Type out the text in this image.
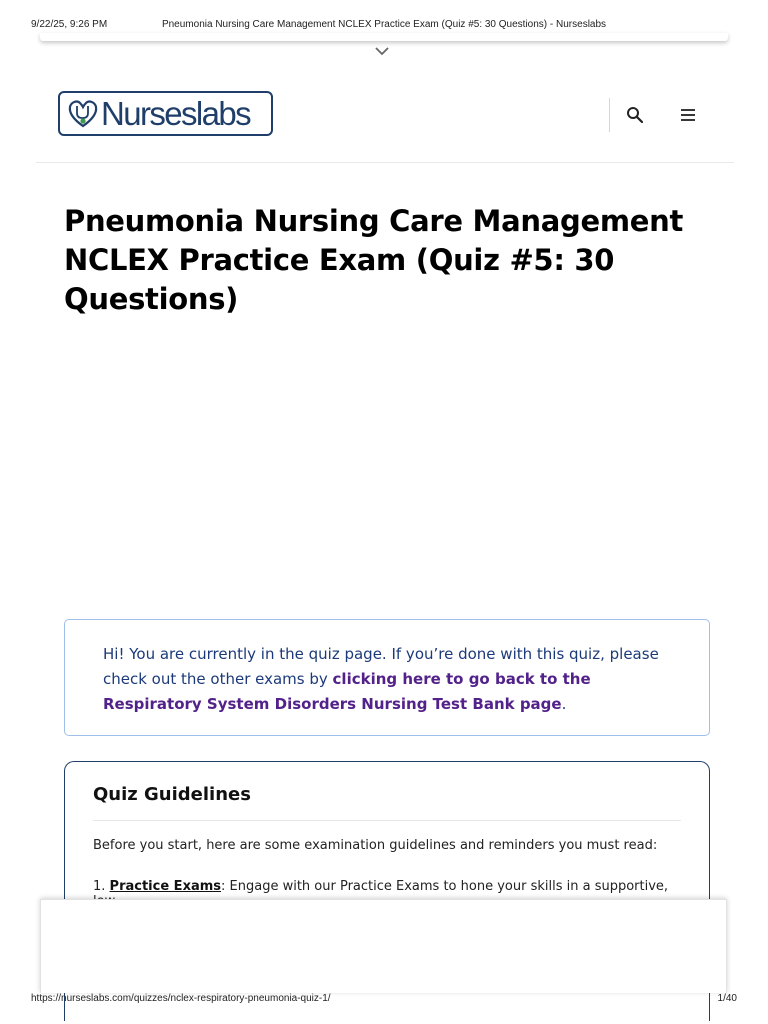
9/22/25, 9:26 PM	Pneumonia Nursing Care Management NCLEX Practice Exam (Quiz #5: 30 Questions) - Nurseslabs
Nurseslabs
Pneumonia Nursing Care Management NCLEX Practice Exam (Quiz #5: 30 Questions)
Hi! You are currently in the quiz page. If you’re done with this quiz, please check out the other exams by clicking here to go back to the Respiratory System Disorders Nursing Test Bank page.
Quiz Guidelines

Before you start, here are some examination guidelines and reminders you must read:

1. Practice Exams: Engage with our Practice Exams to hone your skills in a supportive,

https://nurseslabs.com/quizzes/nclex-respiratory-pneumonia-quiz-1/	1/40
